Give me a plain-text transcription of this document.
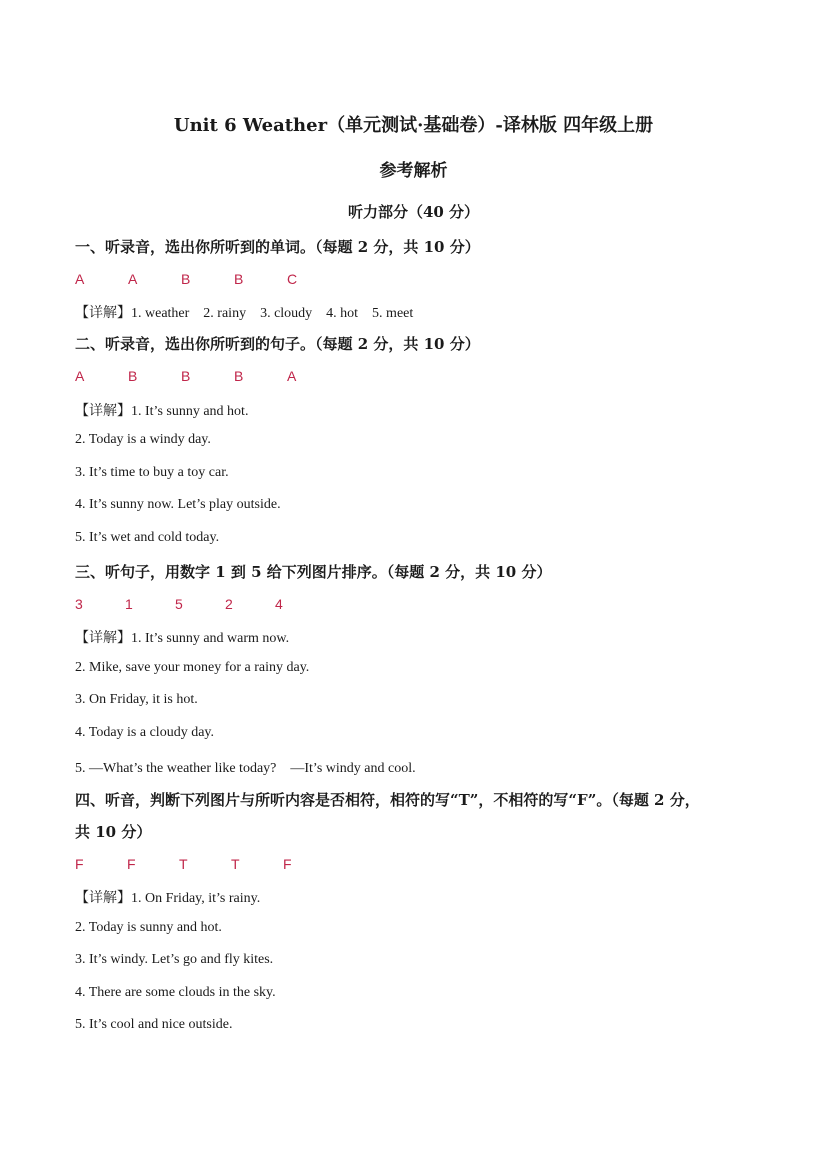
Unit 6 Weather（单元测试·基础卷）-译林版 四年级上册
参考解析
听力部分（40 分）
一、听录音，选出你所听到的单词。（每题 2 分，共 10 分）
A	A	B	B	C
【详解】1. weather　2. rainy　3. cloudy　4. hot　5. meet
二、听录音，选出你所听到的句子。（每题 2 分，共 10 分）
A	B	B	B	A
【详解】1. It’s sunny and hot.
2. Today is a windy day.
3. It’s time to buy a toy car.
4. It’s sunny now. Let’s play outside.
5. It’s wet and cold today.
三、听句子，用数字 1 到 5 给下列图片排序。（每题 2 分，共 10 分）
3	1	5	2	4
【详解】1. It’s sunny and warm now.
2. Mike, save your money for a rainy day.
3. On Friday, it is hot.
4. Today is a cloudy day.
5. —What’s the weather like today?　—It’s windy and cool.
四、听音，判断下列图片与所听内容是否相符，相符的写“T”，不相符的写“F”。（每题 2 分，
共 10 分）
F	F	T	T	F
【详解】1. On Friday, it’s rainy.
2. Today is sunny and hot.
3. It’s windy. Let’s go and fly kites.
4. There are some clouds in the sky.
5. It’s cool and nice outside.
